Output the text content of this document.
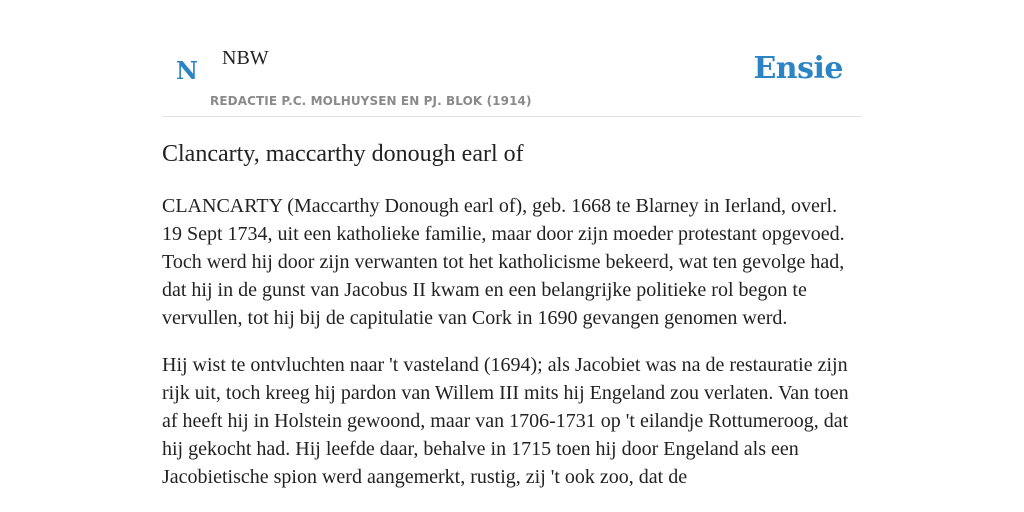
N NBW
REDACTIE P.C. MOLHUYSEN EN PJ. BLOK (1914)
Ensie
Clancarty, maccarthy donough earl of

CLANCARTY (Maccarthy Donough earl of), geb. 1668 te Blarney in Ierland, overl. 19 Sept 1734, uit een katholieke familie, maar door zijn moeder protestant opgevoed. Toch werd hij door zijn verwanten tot het katholicisme bekeerd, wat ten gevolge had, dat hij in de gunst van Jacobus II kwam en een belangrijke politieke rol begon te vervullen, tot hij bij de capitulatie van Cork in 1690 gevangen genomen werd.

Hij wist te ontvluchten naar 't vasteland (1694); als Jacobiet was na de restauratie zijn rijk uit, toch kreeg hij pardon van Willem III mits hij Engeland zou verlaten. Van toen af heeft hij in Holstein gewoond, maar van 1706-1731 op 't eilandje Rottumeroog, dat hij gekocht had. Hij leefde daar, behalve in 1715 toen hij door Engeland als een Jacobietische spion werd aangemerkt, rustig, zij 't ook zoo, dat de
